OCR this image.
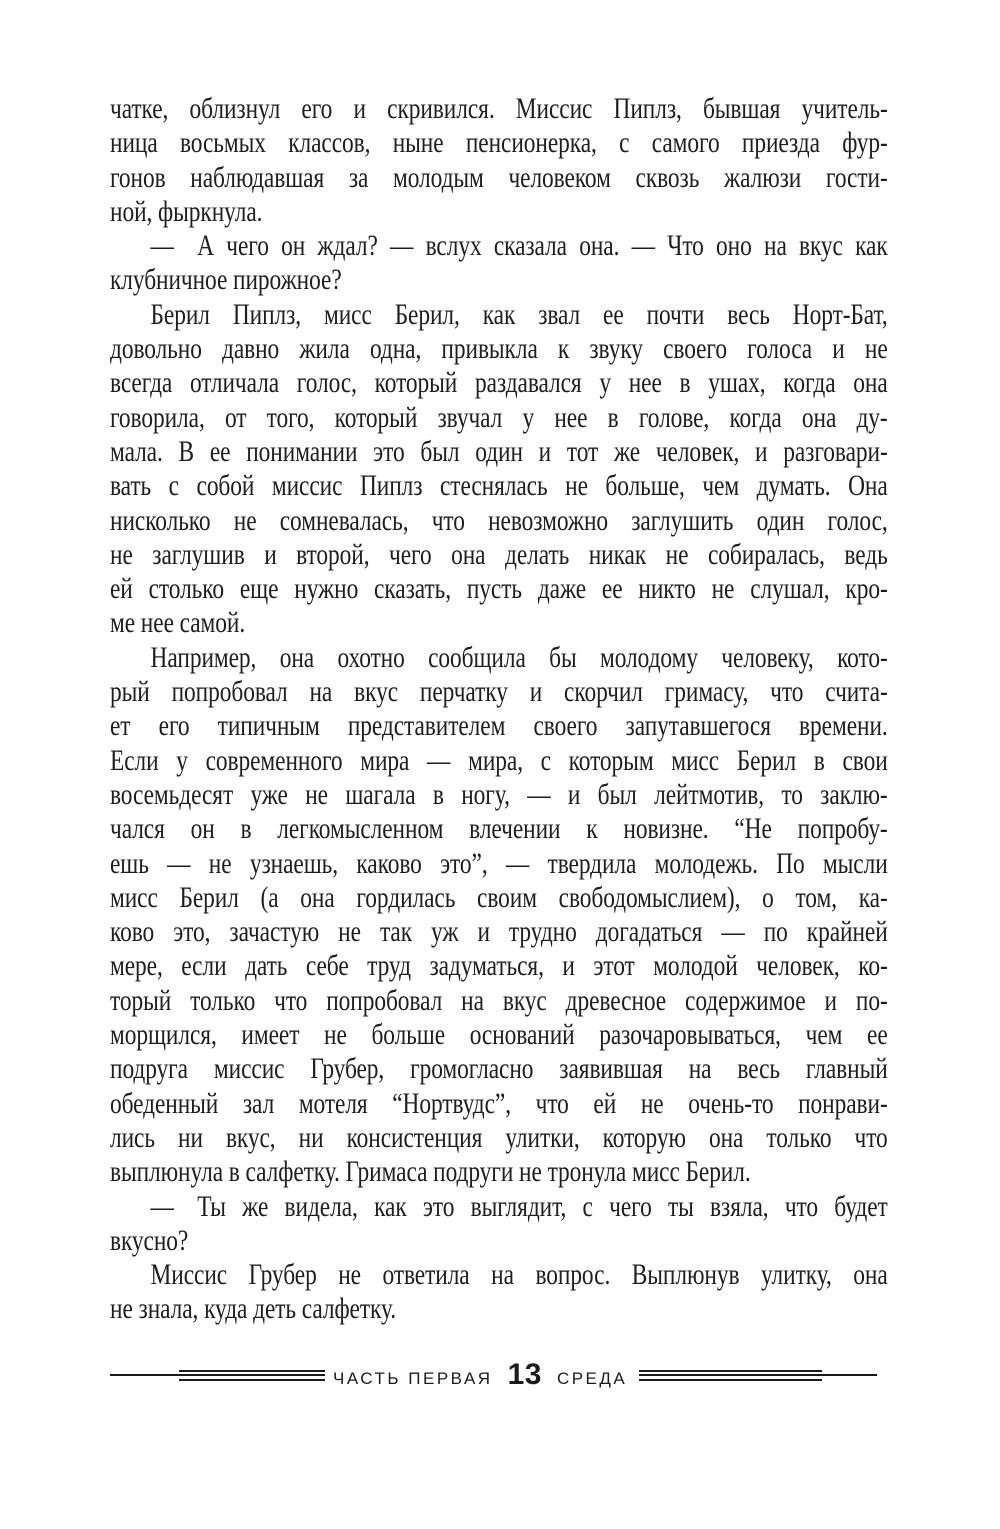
чатке, облизнул его и скривился. Миссис Пиплз, бывшая учитель-
ница восьмых классов, ныне пенсионерка, с самого приезда фур-
гонов наблюдавшая за молодым человеком сквозь жалюзи гости-
ной, фыркнула.
— А чего он ждал? — вслух сказала она. — Что оно на вкус как
клубничное пирожное?
Берил Пиплз, мисс Берил, как звал ее почти весь Норт-Бат,
довольно давно жила одна, привыкла к звуку своего голоса и не
всегда отличала голос, который раздавался у нее в ушах, когда она
говорила, от того, который звучал у нее в голове, когда она ду-
мала. В ее понимании это был один и тот же человек, и разговари-
вать с собой миссис Пиплз стеснялась не больше, чем думать. Она
нисколько не сомневалась, что невозможно заглушить один голос,
не заглушив и второй, чего она делать никак не собиралась, ведь
ей столько еще нужно сказать, пусть даже ее никто не слушал, кро-
ме нее самой.
Например, она охотно сообщила бы молодому человеку, кото-
рый попробовал на вкус перчатку и скорчил гримасу, что счита-
ет его типичным представителем своего запутавшегося времени.
Если у современного мира — мира, с которым мисс Берил в свои
восемьдесят уже не шагала в ногу, — и был лейтмотив, то заклю-
чался он в легкомысленном влечении к новизне. “Не попробу-
ешь — не узнаешь, каково это”, — твердила молодежь. По мысли
мисс Берил (а она гордилась своим свободомыслием), о том, ка-
ково это, зачастую не так уж и трудно догадаться — по крайней
мере, если дать себе труд задуматься, и этот молодой человек, ко-
торый только что попробовал на вкус древесное содержимое и по-
морщился, имеет не больше оснований разочаровываться, чем ее
подруга миссис Грубер, громогласно заявившая на весь главный
обеденный зал мотеля “Нортвудс”, что ей не очень-то понрави-
лись ни вкус, ни консистенция улитки, которую она только что
выплюнула в салфетку. Гримаса подруги не тронула мисс Берил.
— Ты же видела, как это выглядит, с чего ты взяла, что будет
вкусно?
Миссис Грубер не ответила на вопрос. Выплюнув улитку, она
не знала, куда деть салфетку.
ЧАСТЬ ПЕРВАЯ 13 СРЕДА
